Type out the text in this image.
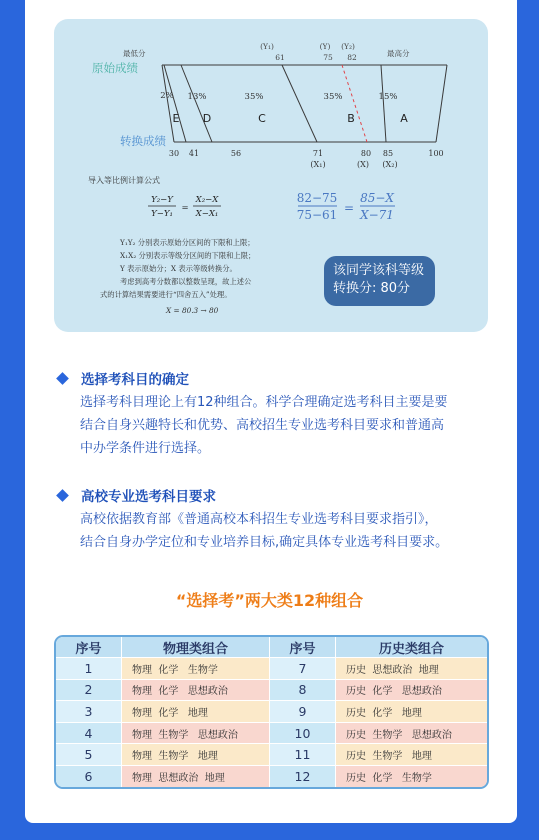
最低分	最高分
(Y₁)	(Y) (Y₂)
61	75 82
原始成绩
转换成绩
2% 13%	35%	35%	15%
E D	C	B	A
30 41	56	71	80 85	100
(X₁)	(X) (X₂)
导入等比例计算公式
Y₂−Y
Y−Y₁
=
X₂−X
X−X₁
82−75
75−61 =
85−X
X−71
Y₁Y₂ 分别表示原始分区间的下限和上限；
X₁X₂ 分别表示等级分区间的下限和上限；
Y 表示原始分；X 表示等级转换分。
考虑到高考分数都以整数呈现，故上述公
式的计算结果需要进行“四舍五入”处理。
X = 80.3 → 80
该同学该科等级
转换分: 80分
选择考科目的确定
选择考科目理论上有12种组合。科学合理确定选考科目主要是要
结合自身兴趣特长和优势、高校招生专业选考科目要求和普通高
中办学条件进行选择。
高校专业选考科目要求
高校依据教育部《普通高校本科招生专业选考科目要求指引》，
结合自身办学定位和专业培养目标,确定具体专业选考科目要求。
“选择考”两大类12种组合
序号	物理类组合	序号	历史类组合
1	物理  化学   生物学	7	历史  思想政治  地理
2	物理  化学   思想政治	8	历史  化学   思想政治
3	物理  化学   地理	9	历史  化学   地理
4	物理  生物学   思想政治	10	历史  生物学   思想政治
5	物理  生物学   地理	11	历史  生物学   地理
6	物理  思想政治  地理	12	历史  化学   生物学
